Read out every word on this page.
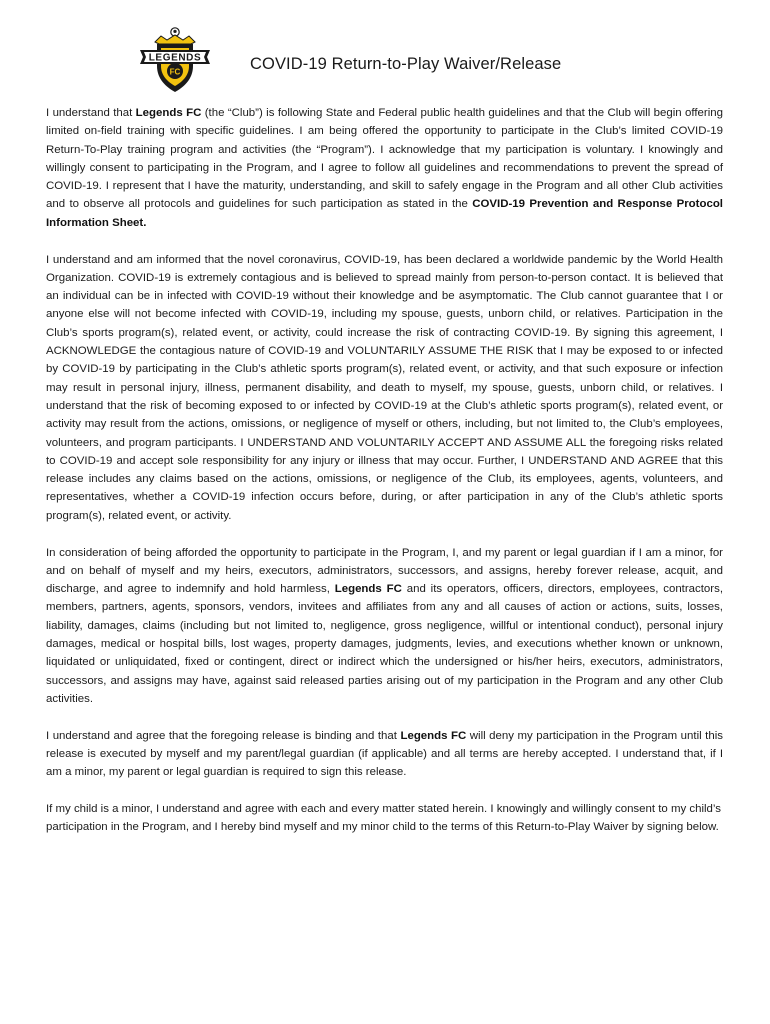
LEGENDS
FC	COVID-19 Return-to-Play Waiver/Release

I understand that Legends FC (the “Club”) is following State and Federal public health guidelines and that the Club will begin offering limited on-field training with specific guidelines. I am being offered the opportunity to participate in the Club’s limited COVID-19 Return-To-Play training program and activities (the “Program”). I acknowledge that my participation is voluntary. I knowingly and willingly consent to participating in the Program, and I agree to follow all guidelines and recommendations to prevent the spread of COVID-19. I represent that I have the maturity, understanding, and skill to safely engage in the Program and all other Club activities and to observe all protocols and guidelines for such participation as stated in the COVID-19 Prevention and Response Protocol Information Sheet.

I understand and am informed that the novel coronavirus, COVID-19, has been declared a worldwide pandemic by the World Health Organization. COVID-19 is extremely contagious and is believed to spread mainly from person-to-person contact. It is believed that an individual can be in infected with COVID-19 without their knowledge and be asymptomatic. The Club cannot guarantee that I or anyone else will not become infected with COVID-19, including my spouse, guests, unborn child, or relatives. Participation in the Club’s sports program(s), related event, or activity, could increase the risk of contracting COVID-19. By signing this agreement, I ACKNOWLEDGE the contagious nature of COVID-19 and VOLUNTARILY ASSUME THE RISK that I may be exposed to or infected by COVID-19 by participating in the Club’s athletic sports program(s), related event, or activity, and that such exposure or infection may result in personal injury, illness, permanent disability, and death to myself, my spouse, guests, unborn child, or relatives. I understand that the risk of becoming exposed to or infected by COVID-19 at the Club’s athletic sports program(s), related event, or activity may result from the actions, omissions, or negligence of myself or others, including, but not limited to, the Club’s employees, volunteers, and program participants. I UNDERSTAND AND VOLUNTARILY ACCEPT AND ASSUME ALL the foregoing risks related to COVID-19 and accept sole responsibility for any injury or illness that may occur. Further, I UNDERSTAND AND AGREE that this release includes any claims based on the actions, omissions, or negligence of the Club, its employees, agents, volunteers, and representatives, whether a COVID-19 infection occurs before, during, or after participation in any of the Club’s athletic sports program(s), related event, or activity.

In consideration of being afforded the opportunity to participate in the Program, I, and my parent or legal guardian if I am a minor, for and on behalf of myself and my heirs, executors, administrators, successors, and assigns, hereby forever release, acquit, and discharge, and agree to indemnify and hold harmless, Legends FC and its operators, officers, directors, employees, contractors, members, partners, agents, sponsors, vendors, invitees and affiliates from any and all causes of action or actions, suits, losses, liability, damages, claims (including but not limited to, negligence, gross negligence, willful or intentional conduct), personal injury damages, medical or hospital bills, lost wages, property damages, judgments, levies, and executions whether known or unknown, liquidated or unliquidated, fixed or contingent, direct or indirect which the undersigned or his/her heirs, executors, administrators, successors, and assigns may have, against said released parties arising out of my participation in the Program and any other Club activities.

I understand and agree that the foregoing release is binding and that Legends FC will deny my participation in the Program until this release is executed by myself and my parent/legal guardian (if applicable) and all terms are hereby accepted. I understand that, if I am a minor, my parent or legal guardian is required to sign this release.

If my child is a minor, I understand and agree with each and every matter stated herein. I knowingly and willingly consent to my child’s participation in the Program, and I hereby bind myself and my minor child to the terms of this Return-to-Play Waiver by signing below.
